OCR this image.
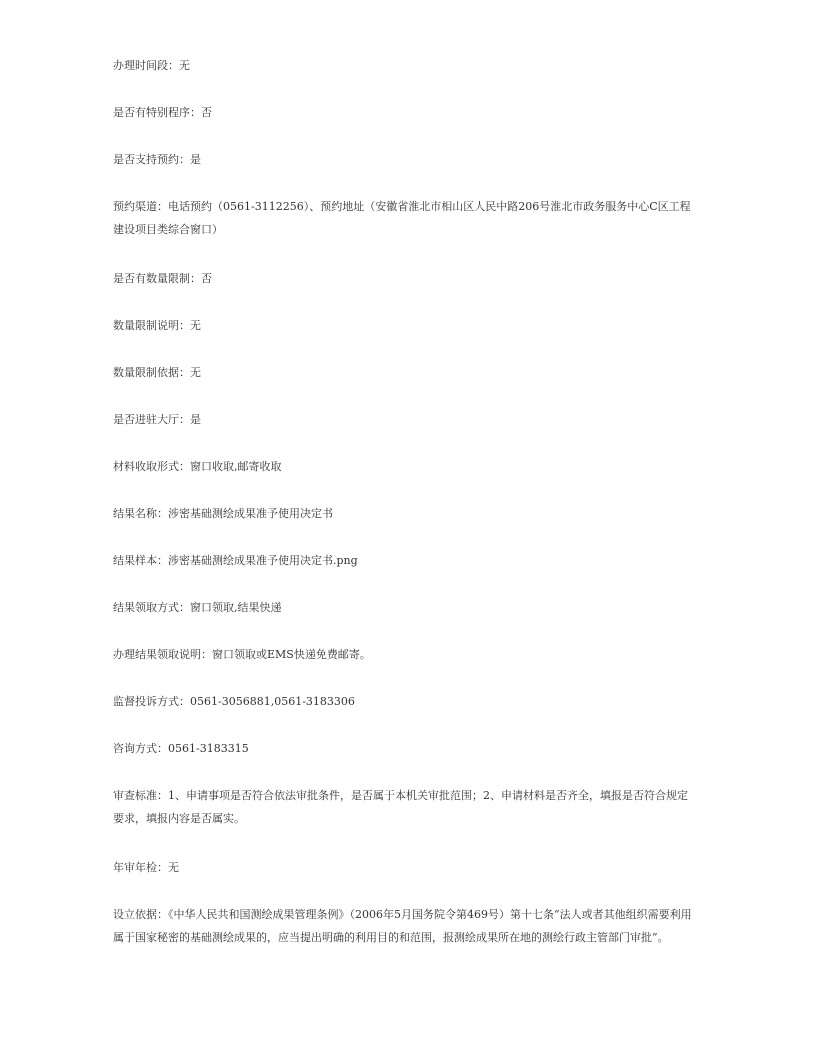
办理时间段：无

是否有特别程序：否

是否支持预约：是

预约渠道：电话预约（0561-3112256）、预约地址（安徽省淮北市相山区人民中路206号淮北市政务服务中心C区工程建设项目类综合窗口）

是否有数量限制：否

数量限制说明：无

数量限制依据：无

是否进驻大厅：是

材料收取形式：窗口收取,邮寄收取

结果名称：涉密基础测绘成果准予使用决定书

结果样本：涉密基础测绘成果准予使用决定书.png

结果领取方式：窗口领取,结果快递

办理结果领取说明：窗口领取或EMS快递免费邮寄。

监督投诉方式：0561-3056881,0561-3183306

咨询方式：0561-3183315

审查标准：1、申请事项是否符合依法审批条件，是否属于本机关审批范围；2、申请材料是否齐全，填报是否符合规定要求，填报内容是否属实。

年审年检：无

设立依据：《中华人民共和国测绘成果管理条例》（2006年5月国务院令第469号）第十七条“法人或者其他组织需要利用属于国家秘密的基础测绘成果的，应当提出明确的利用目的和范围，报测绘成果所在地的测绘行政主管部门审批”。
